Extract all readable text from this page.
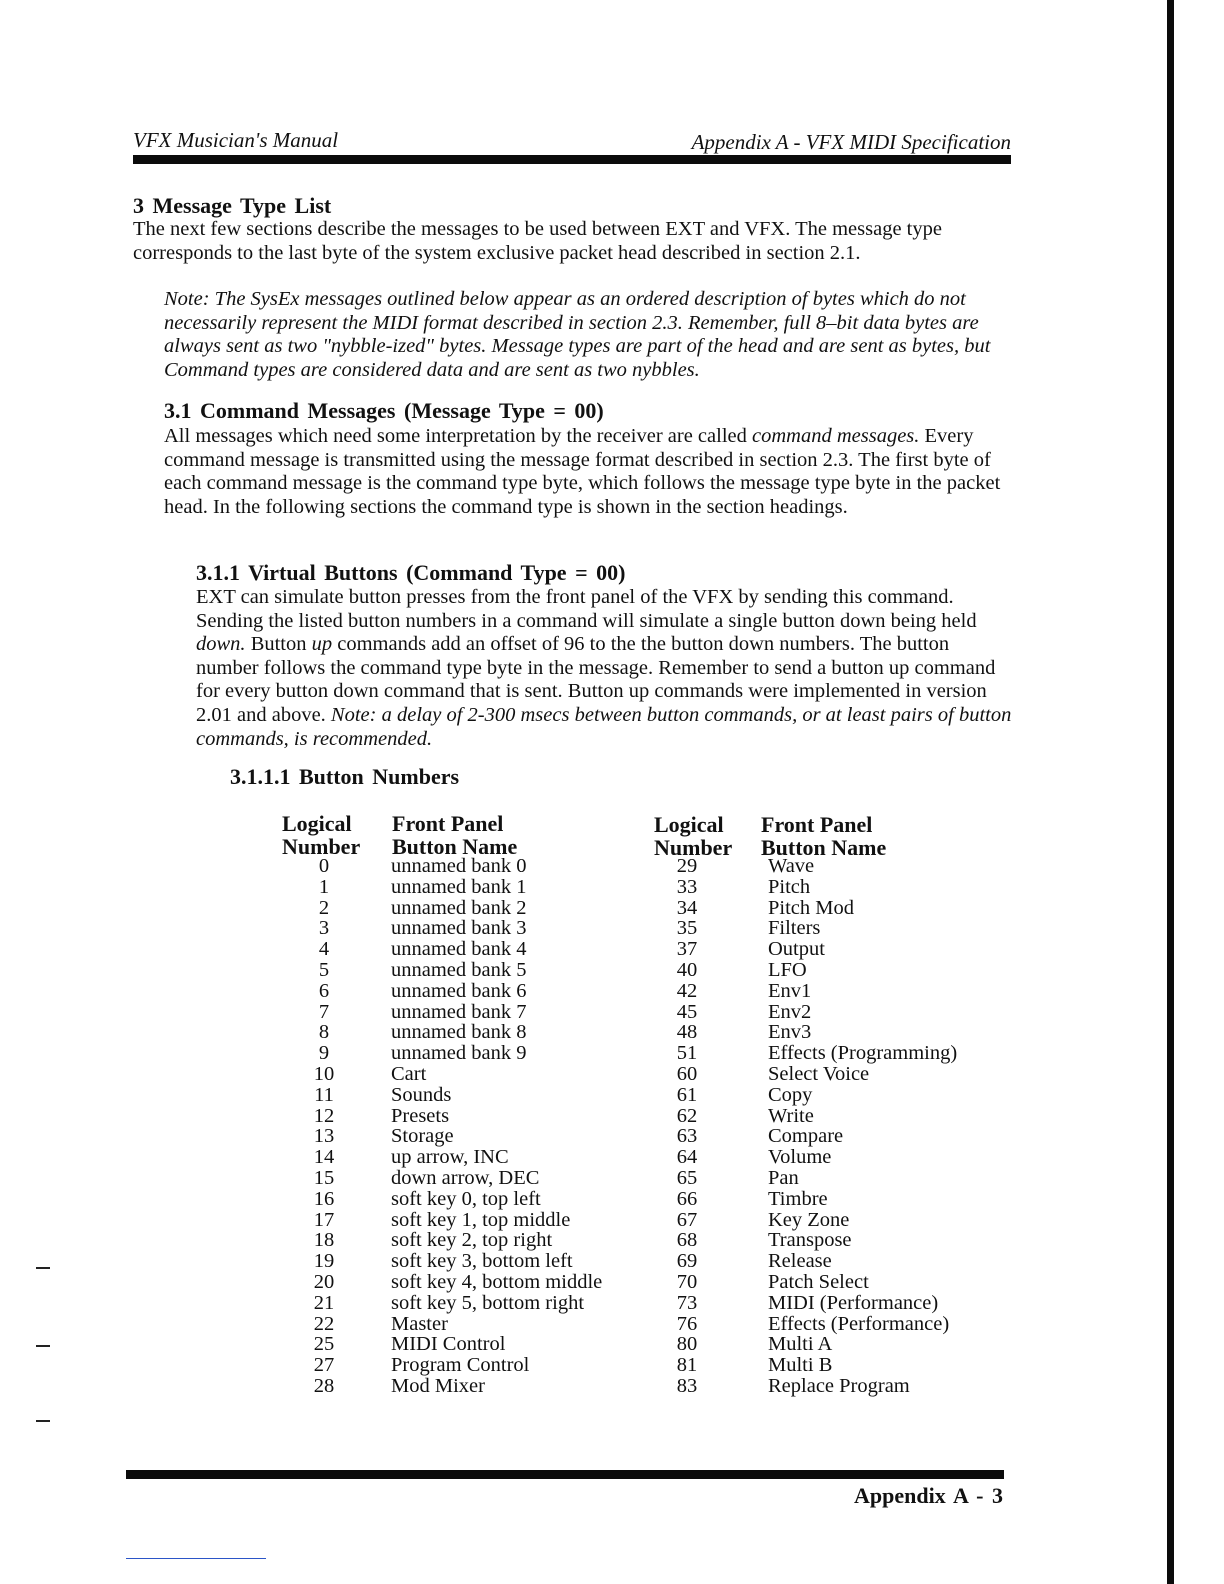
VFX Musician's Manual	Appendix A - VFX MIDI Specification
3 Message Type List
The next few sections describe the messages to be used between EXT and VFX. The message type corresponds to the last byte of the system exclusive packet head described in section 2.1.
Note: The SysEx messages outlined below appear as an ordered description of bytes which do not necessarily represent the MIDI format described in section 2.3. Remember, full 8–bit data bytes are always sent as two "nybble-ized" bytes. Message types are part of the head and are sent as bytes, but Command types are considered data and are sent as two nybbles.
3.1 Command Messages (Message Type = 00)
All messages which need some interpretation by the receiver are called command messages. Every command message is transmitted using the message format described in section 2.3. The first byte of each command message is the command type byte, which follows the message type byte in the packet head. In the following sections the command type is shown in the section headings.
3.1.1 Virtual Buttons (Command Type = 00)
EXT can simulate button presses from the front panel of the VFX by sending this command. Sending the listed button numbers in a command will simulate a single button down being held down. Button up commands add an offset of 96 to the the button down numbers. The button number follows the command type byte in the message. Remember to send a button up command for every button down command that is sent. Button up commands were implemented in version 2.01 and above. Note: a delay of 2-300 msecs between button commands, or at least pairs of button commands, is recommended.
3.1.1.1 Button Numbers
Logical
Number
Front Panel
Button Name
0
1
2
3
4
5
6
7
8
9
10
11
12
13
14
15
16
17
18
19
20
21
22
25
27
28
unnamed bank 0
unnamed bank 1
unnamed bank 2
unnamed bank 3
unnamed bank 4
unnamed bank 5
unnamed bank 6
unnamed bank 7
unnamed bank 8
unnamed bank 9
Cart
Sounds
Presets
Storage
up arrow, INC
down arrow, DEC
soft key 0, top left
soft key 1, top middle
soft key 2, top right
soft key 3, bottom left
soft key 4, bottom middle
soft key 5, bottom right
Master
MIDI Control
Program Control
Mod Mixer
Logical
Number
Front Panel
Button Name
29
33
34
35
37
40
42
45
48
51
60
61
62
63
64
65
66
67
68
69
70
73
76
80
81
83
Wave
Pitch
Pitch Mod
Filters
Output
LFO
Env1
Env2
Env3
Effects (Programming)
Select Voice
Copy
Write
Compare
Volume
Pan
Timbre
Key Zone
Transpose
Release
Patch Select
MIDI (Performance)
Effects (Performance)
Multi A
Multi B
Replace Program
Appendix A - 3
